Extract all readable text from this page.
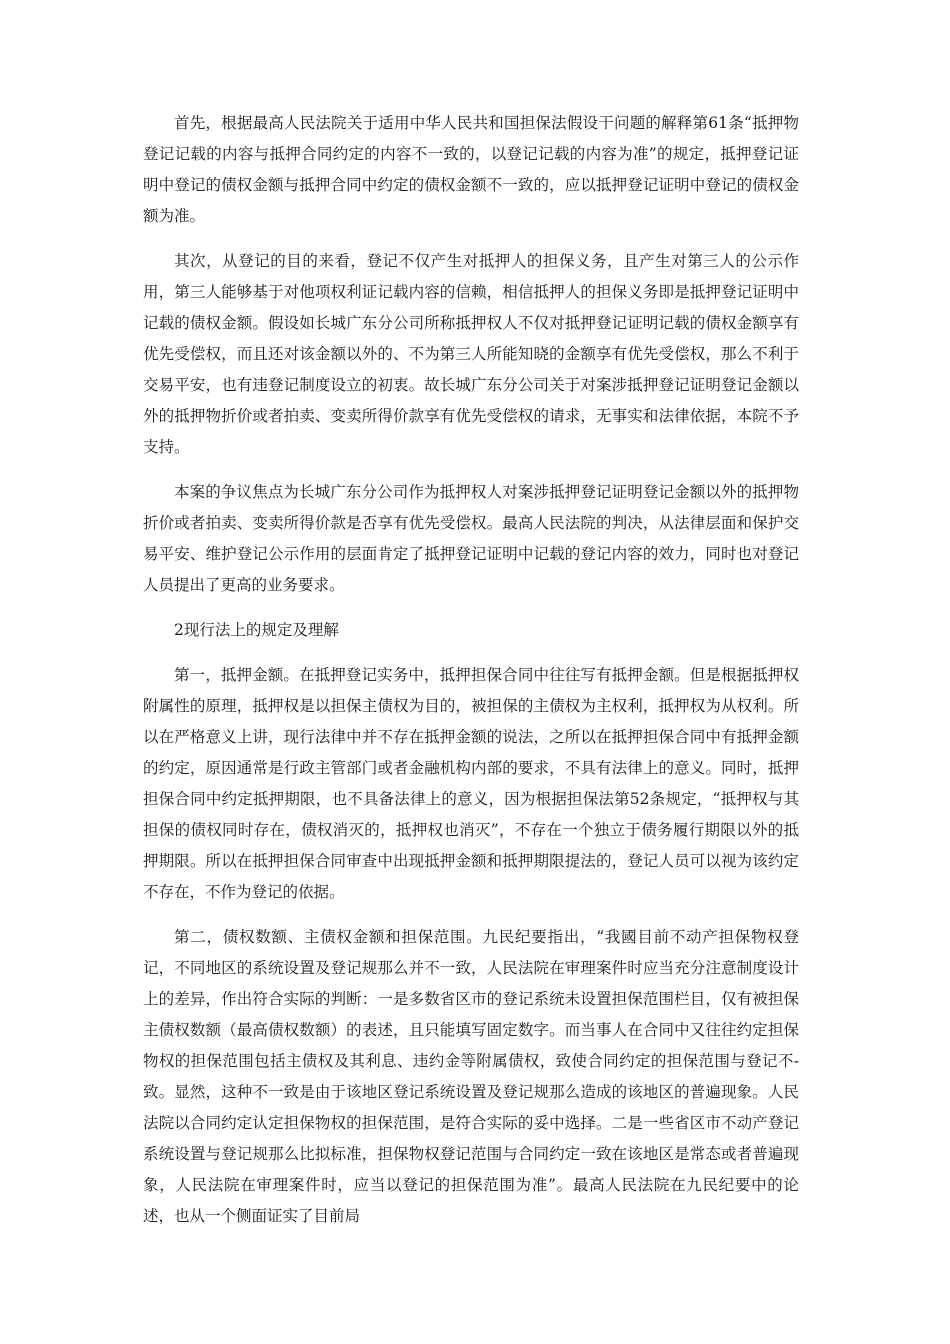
首先，根据最高人民法院关于适用中华人民共和国担保法假设干问题的解释第61条“抵押物登记记载的内容与抵押合同约定的内容不一致的，以登记记载的内容为准”的规定，抵押登记证明中登记的债权金额与抵押合同中约定的债权金额不一致的，应以抵押登记证明中登记的债权金额为准。

其次，从登记的目的来看，登记不仅产生对抵押人的担保义务，且产生对第三人的公示作用，第三人能够基于对他项权利证记载内容的信赖，相信抵押人的担保义务即是抵押登记证明中记载的债权金额。假设如长城广东分公司所称抵押权人不仅对抵押登记证明记载的债权金额享有优先受偿权，而且还对该金额以外的、不为第三人所能知晓的金额享有优先受偿权，那么不利于交易平安，也有违登记制度设立的初衷。故长城广东分公司关于对案涉抵押登记证明登记金额以外的抵押物折价或者拍卖、变卖所得价款享有优先受偿权的请求，无事实和法律依据，本院不予支持。

本案的争议焦点为长城广东分公司作为抵押权人对案涉抵押登记证明登记金额以外的抵押物折价或者拍卖、变卖所得价款是否享有优先受偿权。最高人民法院的判决，从法律层面和保护交易平安、维护登记公示作用的层面肯定了抵押登记证明中记载的登记内容的效力，同时也对登记人员提出了更高的业务要求。

2现行法上的规定及理解

第一，抵押金额。在抵押登记实务中，抵押担保合同中往往写有抵押金额。但是根据抵押权附属性的原理，抵押权是以担保主债权为目的，被担保的主债权为主权利，抵押权为从权利。所以在严格意义上讲，现行法律中并不存在抵押金额的说法，之所以在抵押担保合同中有抵押金额的约定，原因通常是行政主管部门或者金融机构内部的要求，不具有法律上的意义。同时，抵押担保合同中约定抵押期限，也不具备法律上的意义，因为根据担保法第52条规定，“抵押权与其担保的债权同时存在，债权消灭的，抵押权也消灭”，不存在一个独立于债务履行期限以外的抵押期限。所以在抵押担保合同审查中出现抵押金额和抵押期限提法的，登记人员可以视为该约定不存在，不作为登记的依据。

第二，债权数额、主债权金额和担保范围。九民纪要指出，“我國目前不动产担保物权登记，不同地区的系统设置及登记规那么并不一致，人民法院在审理案件时应当充分注意制度设计上的差异，作出符合实际的判断：一是多数省区市的登记系统未设置担保范围栏目，仅有被担保主债权数额（最高债权数额）的表述，且只能填写固定数字。而当事人在合同中又往往约定担保物权的担保范围包括主债权及其利息、违约金等附属债权，致使合同约定的担保范围与登记不-致。显然，这种不一致是由于该地区登记系统设置及登记规那么造成的该地区的普遍现象。人民法院以合同约定认定担保物权的担保范围，是符合实际的妥中选择。二是一些省区市不动产登记系统设置与登记规那么比拟标准，担保物权登记范围与合同约定一致在该地区是常态或者普遍现象，人民法院在审理案件时，应当以登记的担保范围为准”。最高人民法院在九民纪要中的论述，也从一个侧面证实了目前局
